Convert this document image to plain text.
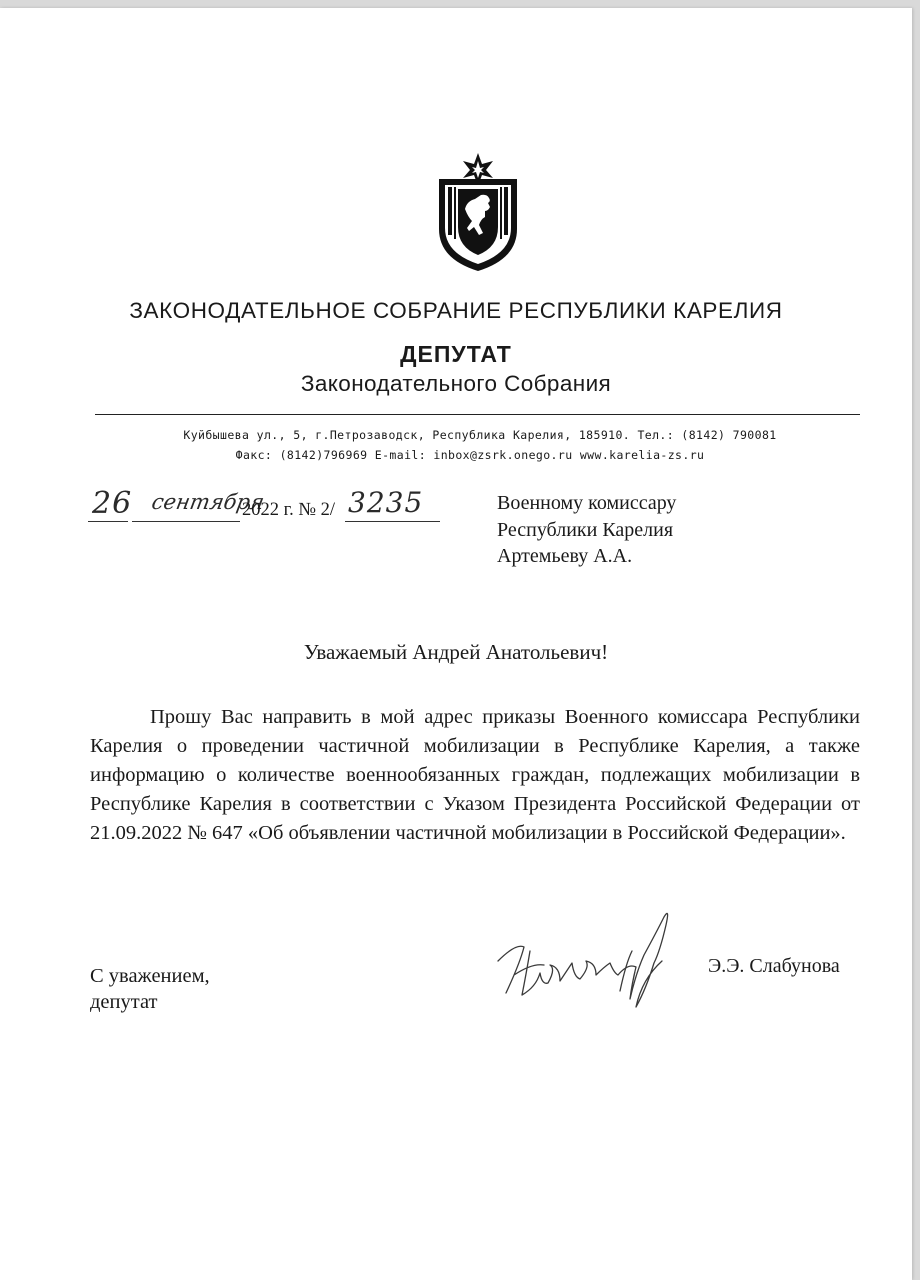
ЗАКОНОДАТЕЛЬНОЕ СОБРАНИЕ РЕСПУБЛИКИ КАРЕЛИЯ
ДЕПУТАТ
Законодательного Собрания
Куйбышева ул., 5, г.Петрозаводск, Республика Карелия, 185910. Тел.: (8142) 790081
Факс: (8142)796969 E-mail: inbox@zsrk.onego.ru www.karelia-zs.ru
26 сентября
2022 г. № 2/ 3235	Военному комиссару
Республики Карелия
Артемьеву А.А.
Уважаемый Андрей Анатольевич!
Прошу Вас направить в мой адрес приказы Военного комиссара Республики Карелия о проведении частичной мобилизации в Республике Карелия, а также информацию о количестве военнообязанных граждан, подлежащих мобилизации в Республике Карелия в соответствии с Указом Президента Российской Федерации от 21.09.2022 № 647 «Об объявлении частичной мобилизации в Российской Федерации».
С уважением,
депутат
Э.Э. Слабунова
